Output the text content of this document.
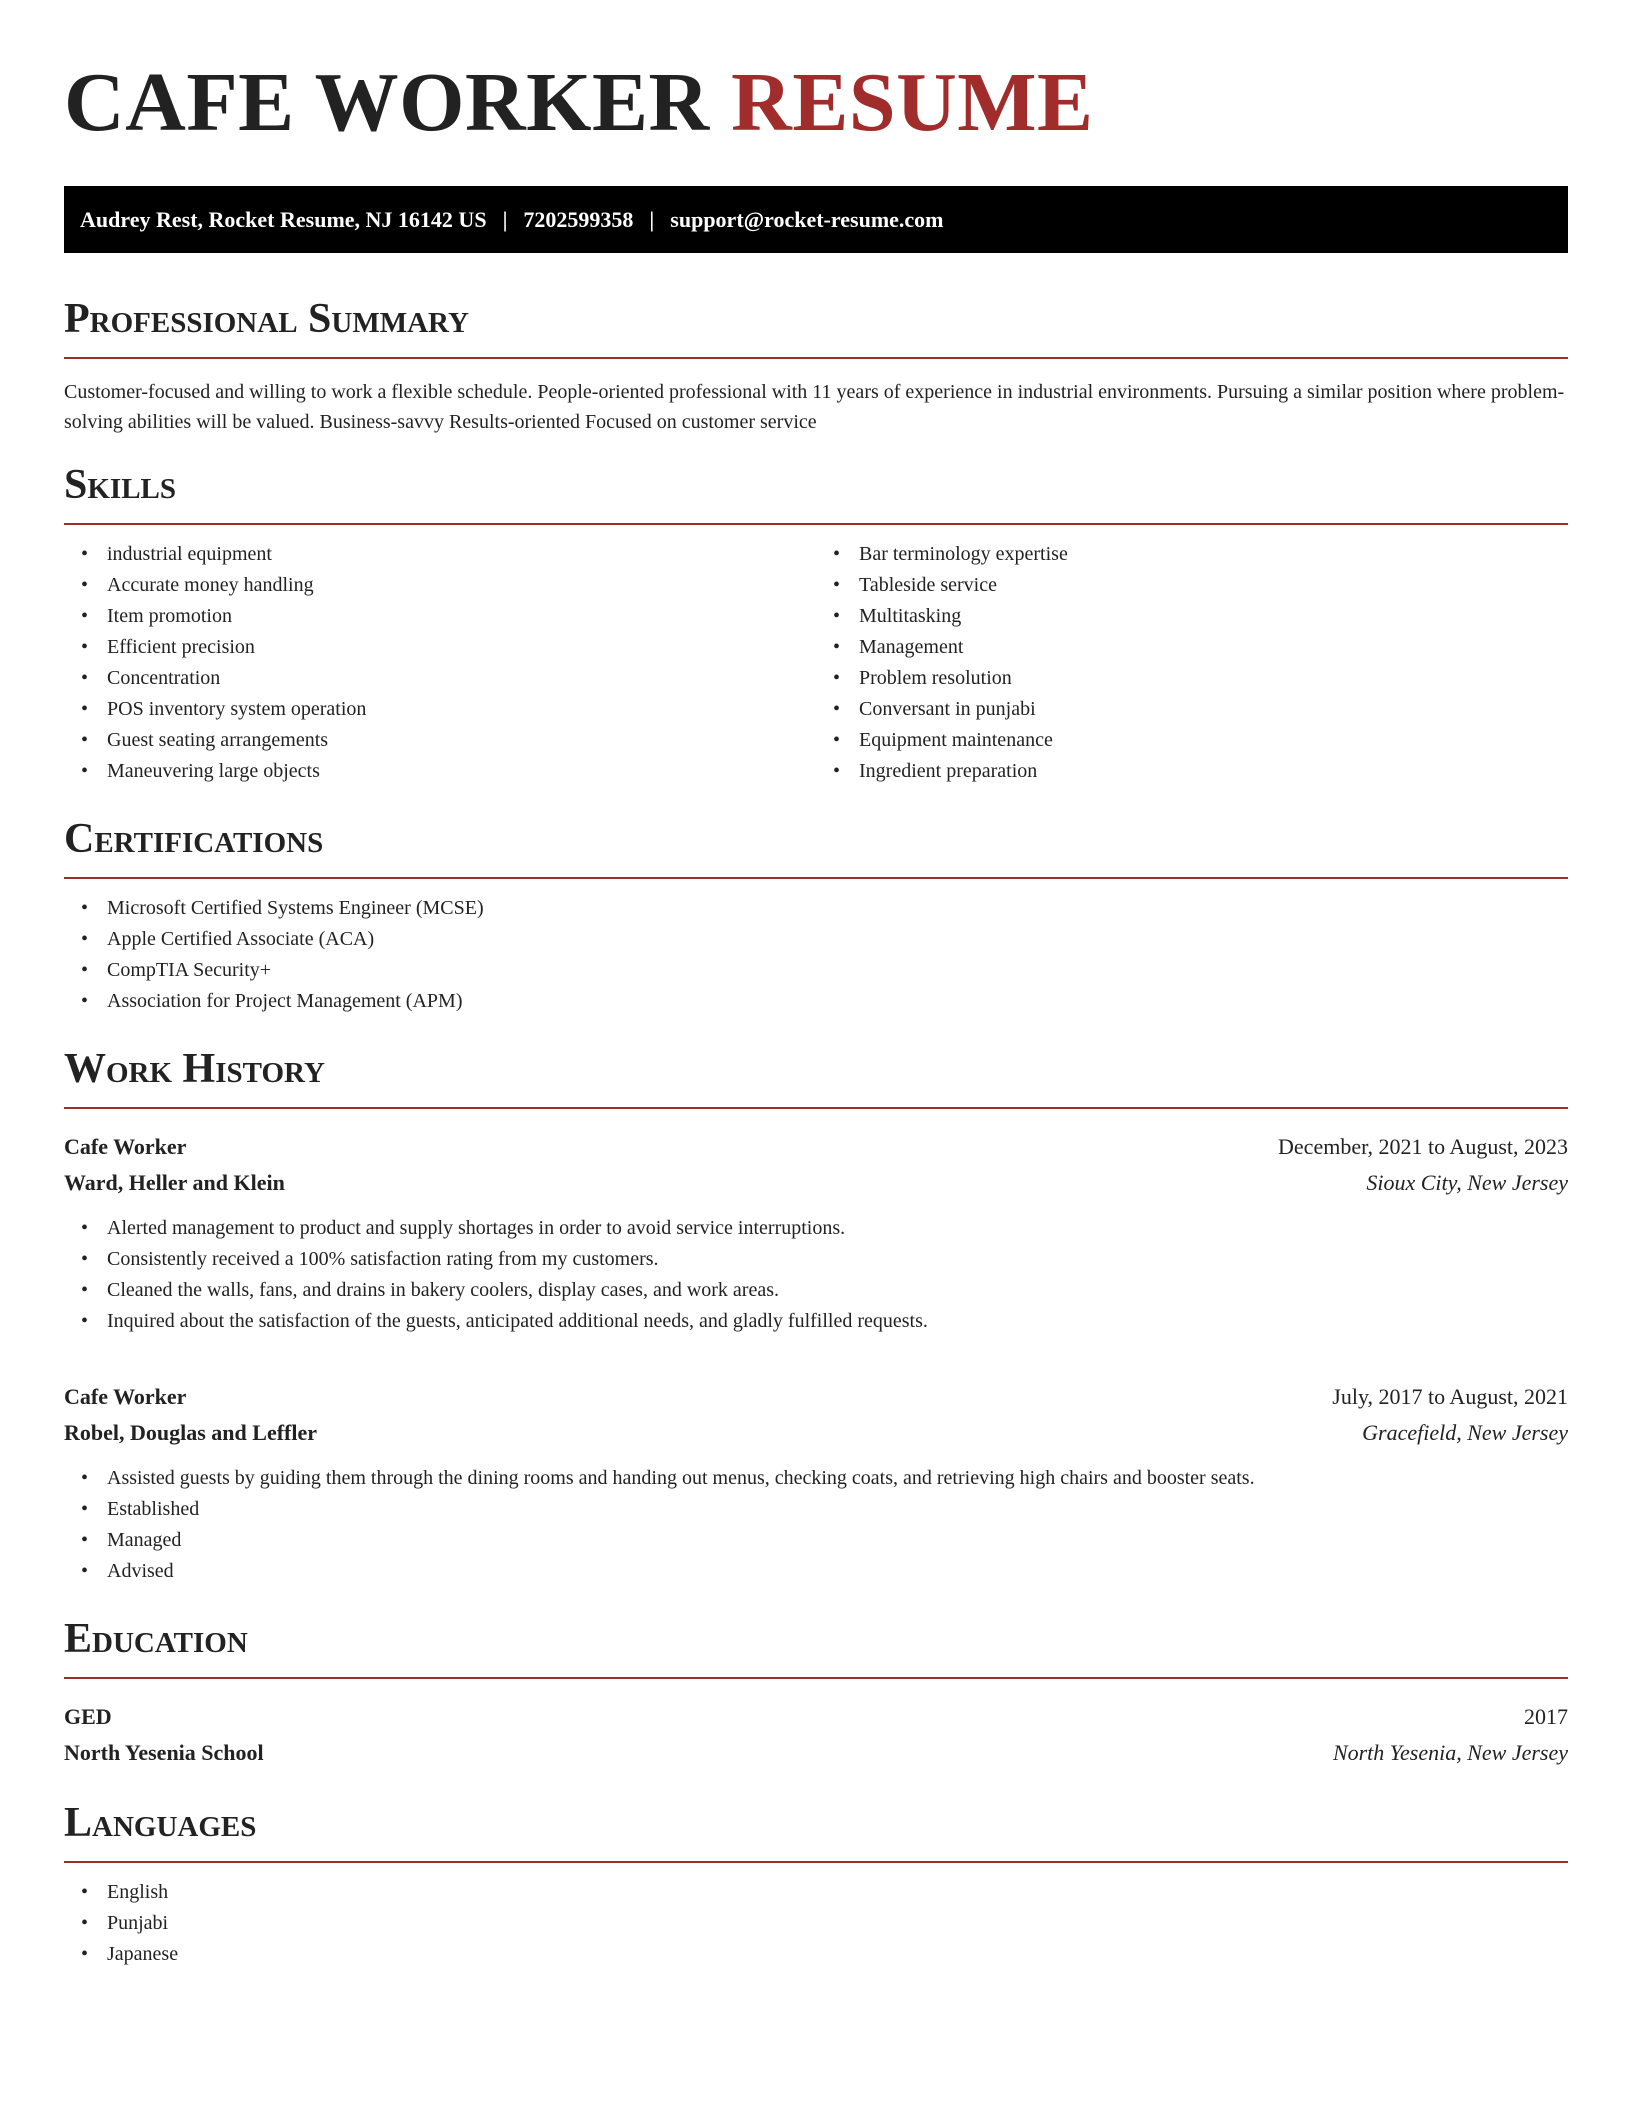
CAFE WORKER RESUME
Audrey Rest, Rocket Resume, NJ 16142 US | 7202599358 | support@rocket-resume.com
Professional Summary

Customer-focused and willing to work a flexible schedule. People-oriented professional with 11 years of experience in industrial environments. Pursuing a similar position where problem-solving abilities will be valued. Business-savvy Results-oriented Focused on customer service

Skills
• industrial equipment
• Accurate money handling
• Item promotion
• Efficient precision
• Concentration
• POS inventory system operation
• Guest seating arrangements
• Maneuvering large objects
• Bar terminology expertise
• Tableside service
• Multitasking
• Management
• Problem resolution
• Conversant in punjabi
• Equipment maintenance
• Ingredient preparation
Certifications
• Microsoft Certified Systems Engineer (MCSE)
• Apple Certified Associate (ACA)
• CompTIA Security+
• Association for Project Management (APM)
Work History
Cafe Worker	December, 2021 to August, 2023
Ward, Heller and Klein	Sioux City, New Jersey
• Alerted management to product and supply shortages in order to avoid service interruptions.
• Consistently received a 100% satisfaction rating from my customers.
• Cleaned the walls, fans, and drains in bakery coolers, display cases, and work areas.
• Inquired about the satisfaction of the guests, anticipated additional needs, and gladly fulfilled requests.
Cafe Worker	July, 2017 to August, 2021
Robel, Douglas and Leffler	Gracefield, New Jersey
• Assisted guests by guiding them through the dining rooms and handing out menus, checking coats, and retrieving high chairs and booster seats.
• Established
• Managed
• Advised
Education
GED	2017
North Yesenia School	North Yesenia, New Jersey
Languages
• English
• Punjabi
• Japanese
